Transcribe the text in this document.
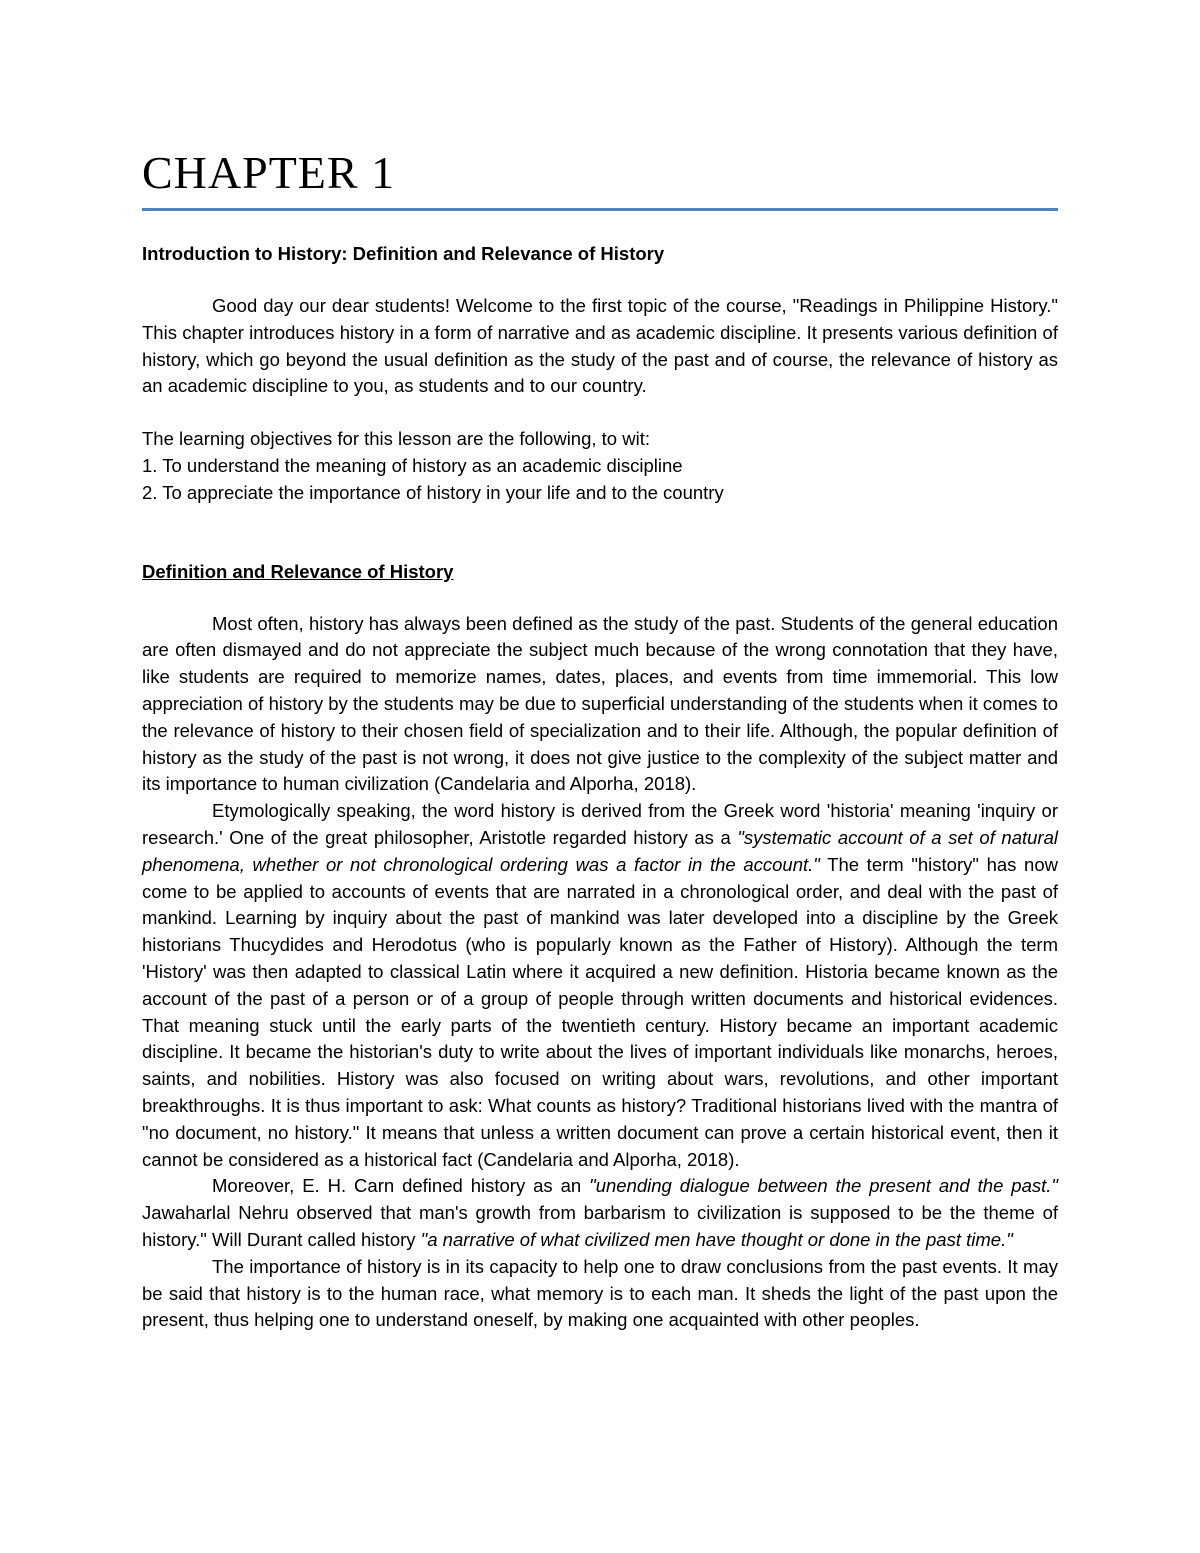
CHAPTER 1
Introduction to History: Definition and Relevance of History

Good day our dear students! Welcome to the first topic of the course, "Readings in Philippine History." This chapter introduces history in a form of narrative and as academic discipline. It presents various definition of history, which go beyond the usual definition as the study of the past and of course, the relevance of history as an academic discipline to you, as students and to our country.

The learning objectives for this lesson are the following, to wit:
1. To understand the meaning of history as an academic discipline
2. To appreciate the importance of history in your life and to the country
Definition and Relevance of History

Most often, history has always been defined as the study of the past. Students of the general education are often dismayed and do not appreciate the subject much because of the wrong connotation that they have, like students are required to memorize names, dates, places, and events from time immemorial. This low appreciation of history by the students may be due to superficial understanding of the students when it comes to the relevance of history to their chosen field of specialization and to their life. Although, the popular definition of history as the study of the past is not wrong, it does not give justice to the complexity of the subject matter and its importance to human civilization (Candelaria and Alporha, 2018).

Etymologically speaking, the word history is derived from the Greek word 'historia' meaning 'inquiry or research.' One of the great philosopher, Aristotle regarded history as a "systematic account of a set of natural phenomena, whether or not chronological ordering was a factor in the account." The term "history" has now come to be applied to accounts of events that are narrated in a chronological order, and deal with the past of mankind. Learning by inquiry about the past of mankind was later developed into a discipline by the Greek historians Thucydides and Herodotus (who is popularly known as the Father of History). Although the term 'History' was then adapted to classical Latin where it acquired a new definition. Historia became known as the account of the past of a person or of a group of people through written documents and historical evidences. That meaning stuck until the early parts of the twentieth century. History became an important academic discipline. It became the historian's duty to write about the lives of important individuals like monarchs, heroes, saints, and nobilities. History was also focused on writing about wars, revolutions, and other important breakthroughs. It is thus important to ask: What counts as history? Traditional historians lived with the mantra of "no document, no history." It means that unless a written document can prove a certain historical event, then it cannot be considered as a historical fact (Candelaria and Alporha, 2018).

Moreover, E. H. Carn defined history as an "unending dialogue between the present and the past." Jawaharlal Nehru observed that man's growth from barbarism to civilization is supposed to be the theme of history." Will Durant called history "a narrative of what civilized men have thought or done in the past time."

The importance of history is in its capacity to help one to draw conclusions from the past events. It may be said that history is to the human race, what memory is to each man. It sheds the light of the past upon the present, thus helping one to understand oneself, by making one acquainted with other peoples.
